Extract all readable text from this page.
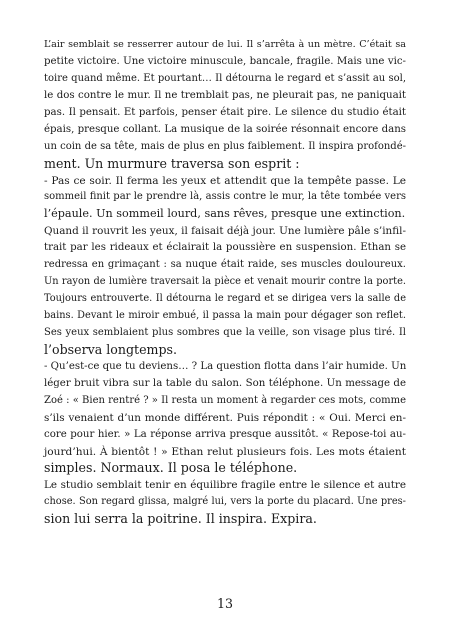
L’air semblait se resserrer autour de lui. Il s’arrêta à un mètre. C’était sa
petite victoire. Une victoire minuscule, bancale, fragile. Mais une vic-
toire quand même. Et pourtant… Il détourna le regard et s’assit au sol,
le dos contre le mur. Il ne tremblait pas, ne pleurait pas, ne paniquait
pas. Il pensait. Et parfois, penser était pire. Le silence du studio était
épais, presque collant. La musique de la soirée résonnait encore dans
un coin de sa tête, mais de plus en plus faiblement. Il inspira profondé-
ment. Un murmure traversa son esprit :
- Pas ce soir. Il ferma les yeux et attendit que la tempête passe. Le
sommeil finit par le prendre là, assis contre le mur, la tête tombée vers
l’épaule. Un sommeil lourd, sans rêves, presque une extinction.
Quand il rouvrit les yeux, il faisait déjà jour. Une lumière pâle s’infil-
trait par les rideaux et éclairait la poussière en suspension. Ethan se
redressa en grimaçant : sa nuque était raide, ses muscles douloureux.
Un rayon de lumière traversait la pièce et venait mourir contre la porte.
Toujours entrouverte. Il détourna le regard et se dirigea vers la salle de
bains. Devant le miroir embué, il passa la main pour dégager son reflet.
Ses yeux semblaient plus sombres que la veille, son visage plus tiré. Il
l’observa longtemps.
- Qu’est-ce que tu deviens… ? La question flotta dans l’air humide. Un
léger bruit vibra sur la table du salon. Son téléphone. Un message de
Zoé : « Bien rentré ? » Il resta un moment à regarder ces mots, comme
s’ils venaient d’un monde différent. Puis répondit : « Oui. Merci en-
core pour hier. » La réponse arriva presque aussitôt. « Repose-toi au-
jourd’hui. À bientôt ! » Ethan relut plusieurs fois. Les mots étaient
simples. Normaux. Il posa le téléphone.
Le studio semblait tenir en équilibre fragile entre le silence et autre
chose. Son regard glissa, malgré lui, vers la porte du placard. Une pres-
sion lui serra la poitrine. Il inspira. Expira.
13
